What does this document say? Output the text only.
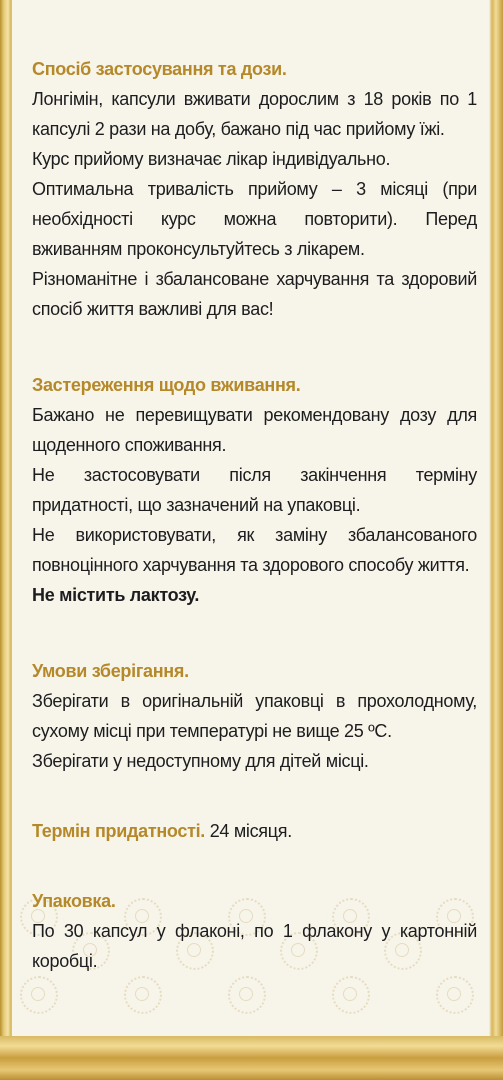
Спосіб застосування та дози.

Лонгімін, капсули вживати дорослим з 18 років по 1 капсулі 2 рази на добу, бажано під час прийому їжі.

Курс прийому визначає лікар індивідуально.

Оптимальна тривалість прийому – 3 місяці (при необхідності курс можна повторити). Перед вживанням проконсультуйтесь з лікарем.

Різноманітне і збалансоване харчування та здоровий спосіб життя важливі для вас!

Застереження щодо вживання.

Бажано не перевищувати рекомендовану дозу для щоденного споживання.

Не застосовувати після закінчення терміну придатності, що зазначений на упаковці.

Не використовувати, як заміну збалансованого повноцінного харчування та здорового способу життя.

Не містить лактозу.

Умови зберігання.

Зберігати в оригінальній упаковці в прохолодному, сухому місці при температурі не вище 25 ºС.

Зберігати у недоступному для дітей місці.

Термін придатності. 24 місяця.

Упаковка.

По 30 капсул у флаконі, по 1 флакону у картонній коробці.
